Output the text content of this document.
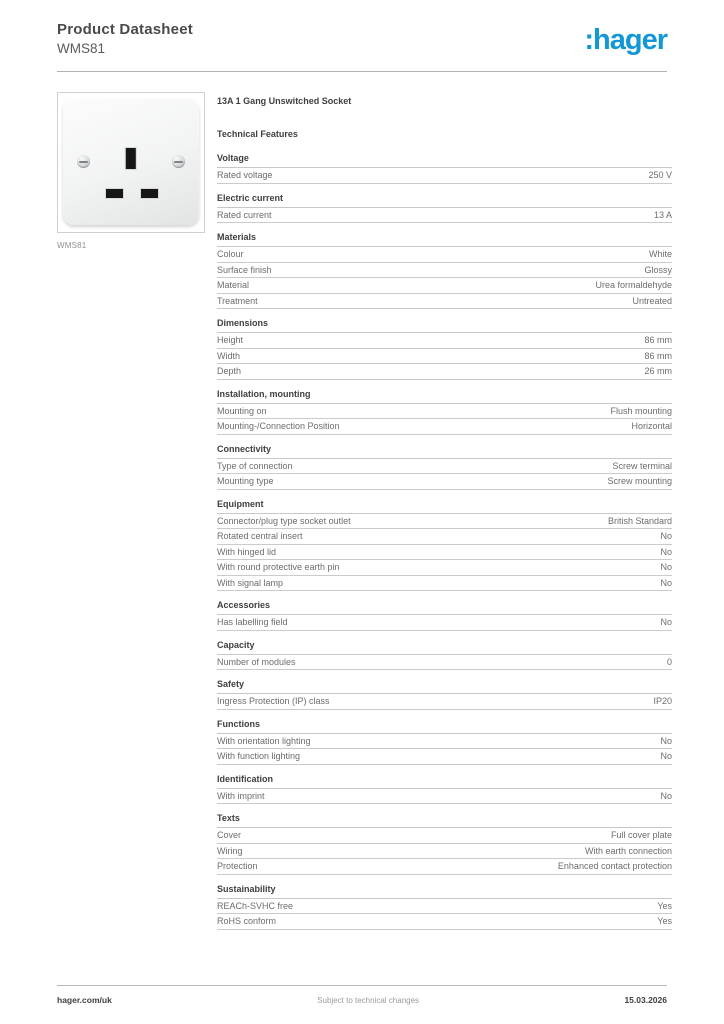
Product Datasheet
WMS81	:hager
WMS81
13A 1 Gang Unswitched Socket
Technical Features
Voltage
Rated voltage	250 V
Electric current
Rated current	13 A
Materials
Colour	White
Surface finish	Glossy
Material	Urea formaldehyde
Treatment	Untreated
Dimensions
Height	86 mm
Width	86 mm
Depth	26 mm
Installation, mounting
Mounting on	Flush mounting
Mounting-/Connection Position	Horizontal
Connectivity
Type of connection	Screw terminal
Mounting type	Screw mounting
Equipment
Connector/plug type socket outlet	British Standard
Rotated central insert	No
With hinged lid	No
With round protective earth pin	No
With signal lamp	No
Accessories
Has labelling field	No
Capacity
Number of modules	0
Safety
Ingress Protection (IP) class	IP20
Functions
With orientation lighting	No
With function lighting	No
Identification
With imprint	No
Texts
Cover	Full cover plate
Wiring	With earth connection
Protection	Enhanced contact protection
Sustainability
REACh-SVHC free	Yes
RoHS conform	Yes
hager.com/uk	Subject to technical changes	15.03.2026
